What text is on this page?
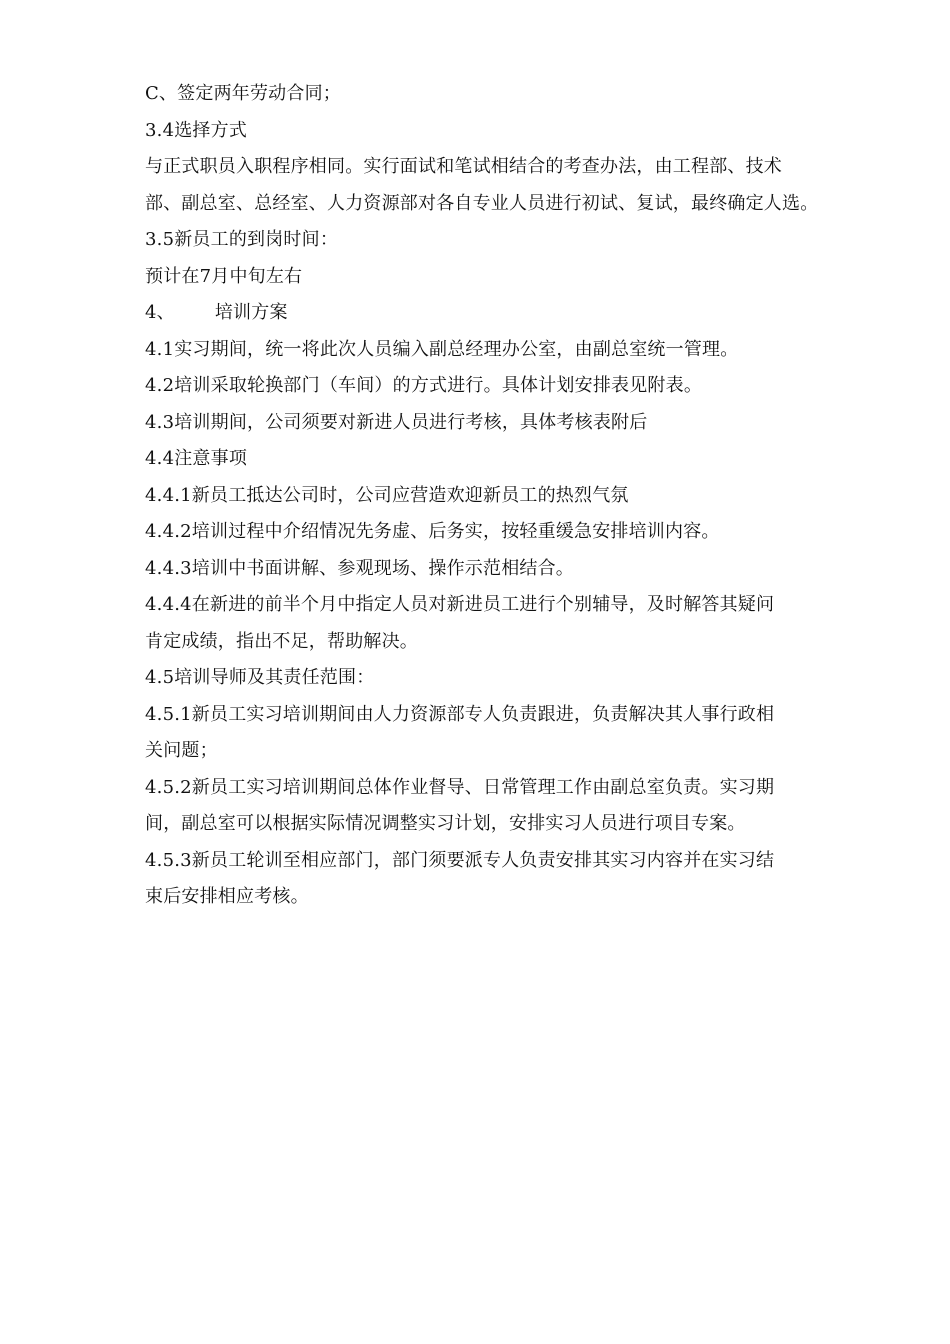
C、签定两年劳动合同；

3.4选择方式

与正式职员入职程序相同。实行面试和笔试相结合的考查办法，由工程部、技术

部、副总室、总经室、人力资源部对各自专业人员进行初试、复试，最终确定人选。

3.5新员工的到岗时间：

预计在7月中旬左右

4、 培训方案

4.1实习期间，统一将此次人员编入副总经理办公室，由副总室统一管理。

4.2培训采取轮换部门（车间）的方式进行。具体计划安排表见附表。

4.3培训期间，公司须要对新进人员进行考核，具体考核表附后

4.4注意事项

4.4.1新员工抵达公司时，公司应营造欢迎新员工的热烈气氛

4.4.2培训过程中介绍情况先务虚、后务实，按轻重缓急安排培训内容。

4.4.3培训中书面讲解、参观现场、操作示范相结合。

4.4.4在新进的前半个月中指定人员对新进员工进行个别辅导，及时解答其疑问

肯定成绩，指出不足，帮助解决。

4.5培训导师及其责任范围：

4.5.1新员工实习培训期间由人力资源部专人负责跟进，负责解决其人事行政相

关问题；

4.5.2新员工实习培训期间总体作业督导、日常管理工作由副总室负责。实习期

间，副总室可以根据实际情况调整实习计划，安排实习人员进行项目专案。

4.5.3新员工轮训至相应部门，部门须要派专人负责安排其实习内容并在实习结

束后安排相应考核。
